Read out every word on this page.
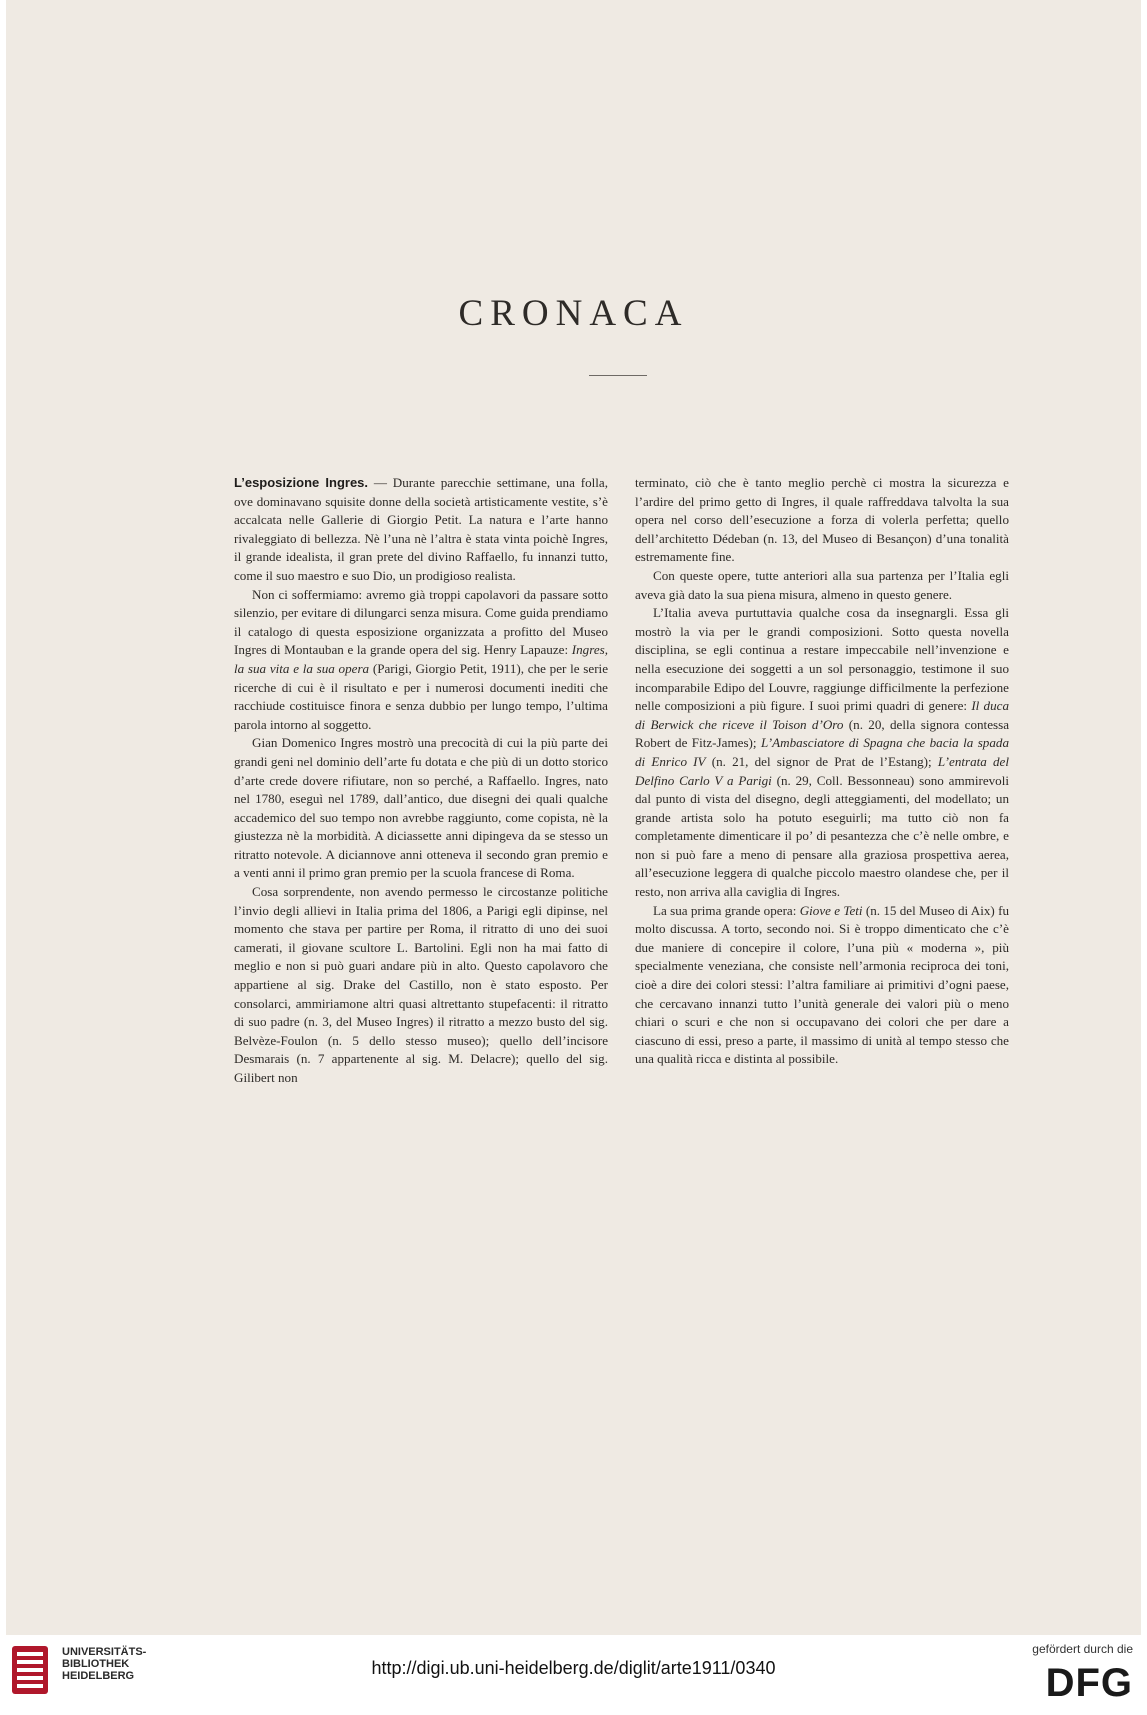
CRONACA

L’esposizione Ingres. — Durante parecchie settimane, una folla, ove dominavano squisite donne della società artisticamente vestite, s’è accalcata nelle Gallerie di Giorgio Petit. La natura e l’arte hanno rivaleggiato di bellezza. Nè l’una nè l’altra è stata vinta poichè Ingres, il grande idealista, il gran prete del divino Raffaello, fu innanzi tutto, come il suo maestro e suo Dio, un prodigioso realista.

Non ci soffermiamo: avremo già troppi capolavori da passare sotto silenzio, per evitare di dilungarci senza misura. Come guida prendiamo il catalogo di questa esposizione organizzata a profitto del Museo Ingres di Montauban e la grande opera del sig. Henry Lapauze: Ingres, la sua vita e la sua opera (Parigi, Giorgio Petit, 1911), che per le serie ricerche di cui è il risultato e per i numerosi documenti inediti che racchiude costituisce finora e senza dubbio per lungo tempo, l’ultima parola intorno al soggetto.

Gian Domenico Ingres mostrò una precocità di cui la più parte dei grandi geni nel dominio dell’arte fu dotata e che più di un dotto storico d’arte crede dovere rifiutare, non so perché, a Raffaello. Ingres, nato nel 1780, eseguì nel 1789, dall’antico, due disegni dei quali qualche accademico del suo tempo non avrebbe raggiunto, come copista, nè la giustezza nè la morbidità. A diciassette anni dipingeva da se stesso un ritratto notevole. A diciannove anni otteneva il secondo gran premio e a venti anni il primo gran premio per la scuola francese di Roma.

Cosa sorprendente, non avendo permesso le circostanze politiche l’invio degli allievi in Italia prima del 1806, a Parigi egli dipinse, nel momento che stava per partire per Roma, il ritratto di uno dei suoi camerati, il giovane scultore L. Bartolini. Egli non ha mai fatto di meglio e non si può guari andare più in alto. Questo capolavoro che appartiene al sig. Drake del Castillo, non è stato esposto. Per consolarci, ammiriamone altri quasi altrettanto stupefacenti: il ritratto di suo padre (n. 3, del Museo Ingres) il ritratto a mezzo busto del sig. Belvèze-Foulon (n. 5 dello stesso museo); quello dell’incisore Desmarais (n. 7 appartenente al sig. M. Delacre); quello del sig. Gilibert non

terminato, ciò che è tanto meglio perchè ci mostra la sicurezza e l’ardire del primo getto di Ingres, il quale raffreddava talvolta la sua opera nel corso dell’esecuzione a forza di volerla perfetta; quello dell’architetto Dédeban (n. 13, del Museo di Besançon) d’una tonalità estremamente fine.

Con queste opere, tutte anteriori alla sua partenza per l’Italia egli aveva già dato la sua piena misura, almeno in questo genere.

L’Italia aveva purtuttavia qualche cosa da insegnargli. Essa gli mostrò la via per le grandi composizioni. Sotto questa novella disciplina, se egli continua a restare impeccabile nell’invenzione e nella esecuzione dei soggetti a un sol personaggio, testimone il suo incomparabile Edipo del Louvre, raggiunge difficilmente la perfezione nelle composizioni a più figure. I suoi primi quadri di genere: Il duca di Berwick che riceve il Toison d’Oro (n. 20, della signora contessa Robert de Fitz-James); L’Ambasciatore di Spagna che bacia la spada di Enrico IV (n. 21, del signor de Prat de l’Estang); L’entrata del Delfino Carlo V a Parigi (n. 29, Coll. Bessonneau) sono ammirevoli dal punto di vista del disegno, degli atteggiamenti, del modellato; un grande artista solo ha potuto eseguirli; ma tutto ciò non fa completamente dimenticare il po’ di pesantezza che c’è nelle ombre, e non si può fare a meno di pensare alla graziosa prospettiva aerea, all’esecuzione leggera di qualche piccolo maestro olandese che, per il resto, non arriva alla caviglia di Ingres.

La sua prima grande opera: Giove e Teti (n. 15 del Museo di Aix) fu molto discussa. A torto, secondo noi. Si è troppo dimenticato che c’è due maniere di concepire il colore, l’una più « moderna », più specialmente veneziana, che consiste nell’armonia reciproca dei toni, cioè a dire dei colori stessi: l’altra familiare ai primitivi d’ogni paese, che cercavano innanzi tutto l’unità generale dei valori più o meno chiari o scuri e che non si occupavano dei colori che per dare a ciascuno di essi, preso a parte, il massimo di unità al tempo stesso che una qualità ricca e distinta al possibile.

UNIVERSITÄTS-
BIBLIOTHEK
HEIDELBERG	http://digi.ub.uni-heidelberg.de/diglit/arte1911/0340
gefördert durch die
DFG
